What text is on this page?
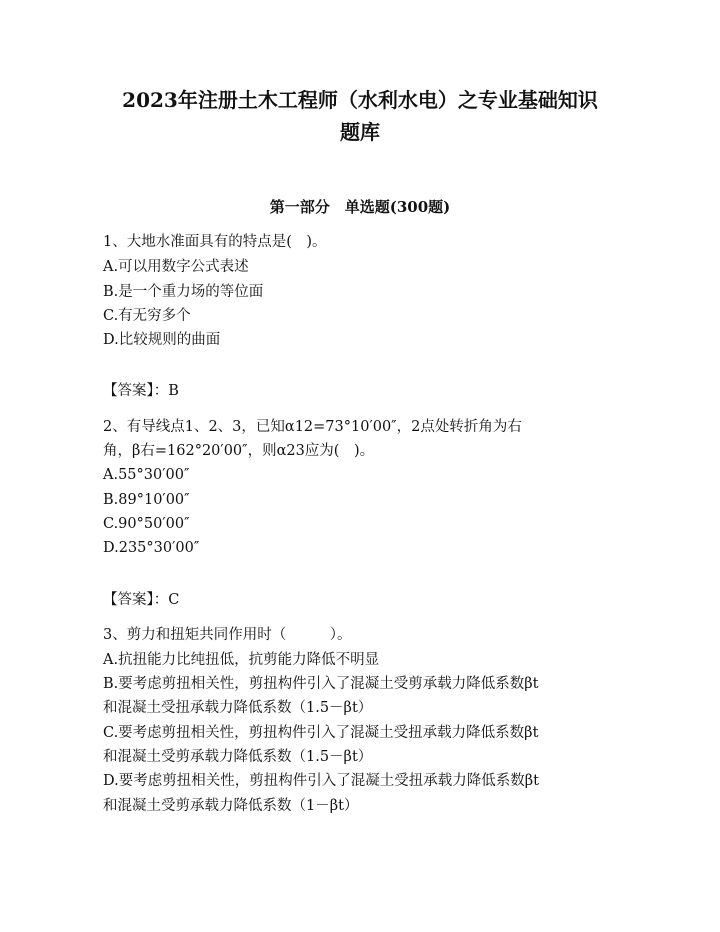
2023年注册土木工程师（水利水电）之专业基础知识
题库
第一部分　单选题(300题)
1、大地水准面具有的特点是(　)。
A.可以用数字公式表述
B.是一个重力场的等位面
C.有无穷多个
D.比较规则的曲面
【答案】：B
2、有导线点1、2、3，已知α12=73°10′00″，2点处转折角为右
角，β右=162°20′00″，则α23应为(　)。
A.55°30′00″
B.89°10′00″
C.90°50′00″
D.235°30′00″
【答案】：C
3、剪力和扭矩共同作用时（　　　）。
A.抗扭能力比纯扭低，抗剪能力降低不明显
B.要考虑剪扭相关性，剪扭构件引入了混凝土受剪承载力降低系数βt
和混凝土受扭承载力降低系数（1.5－βt）
C.要考虑剪扭相关性，剪扭构件引入了混凝土受扭承载力降低系数βt
和混凝土受剪承载力降低系数（1.5－βt）
D.要考虑剪扭相关性，剪扭构件引入了混凝土受扭承载力降低系数βt
和混凝土受剪承载力降低系数（1－βt）
